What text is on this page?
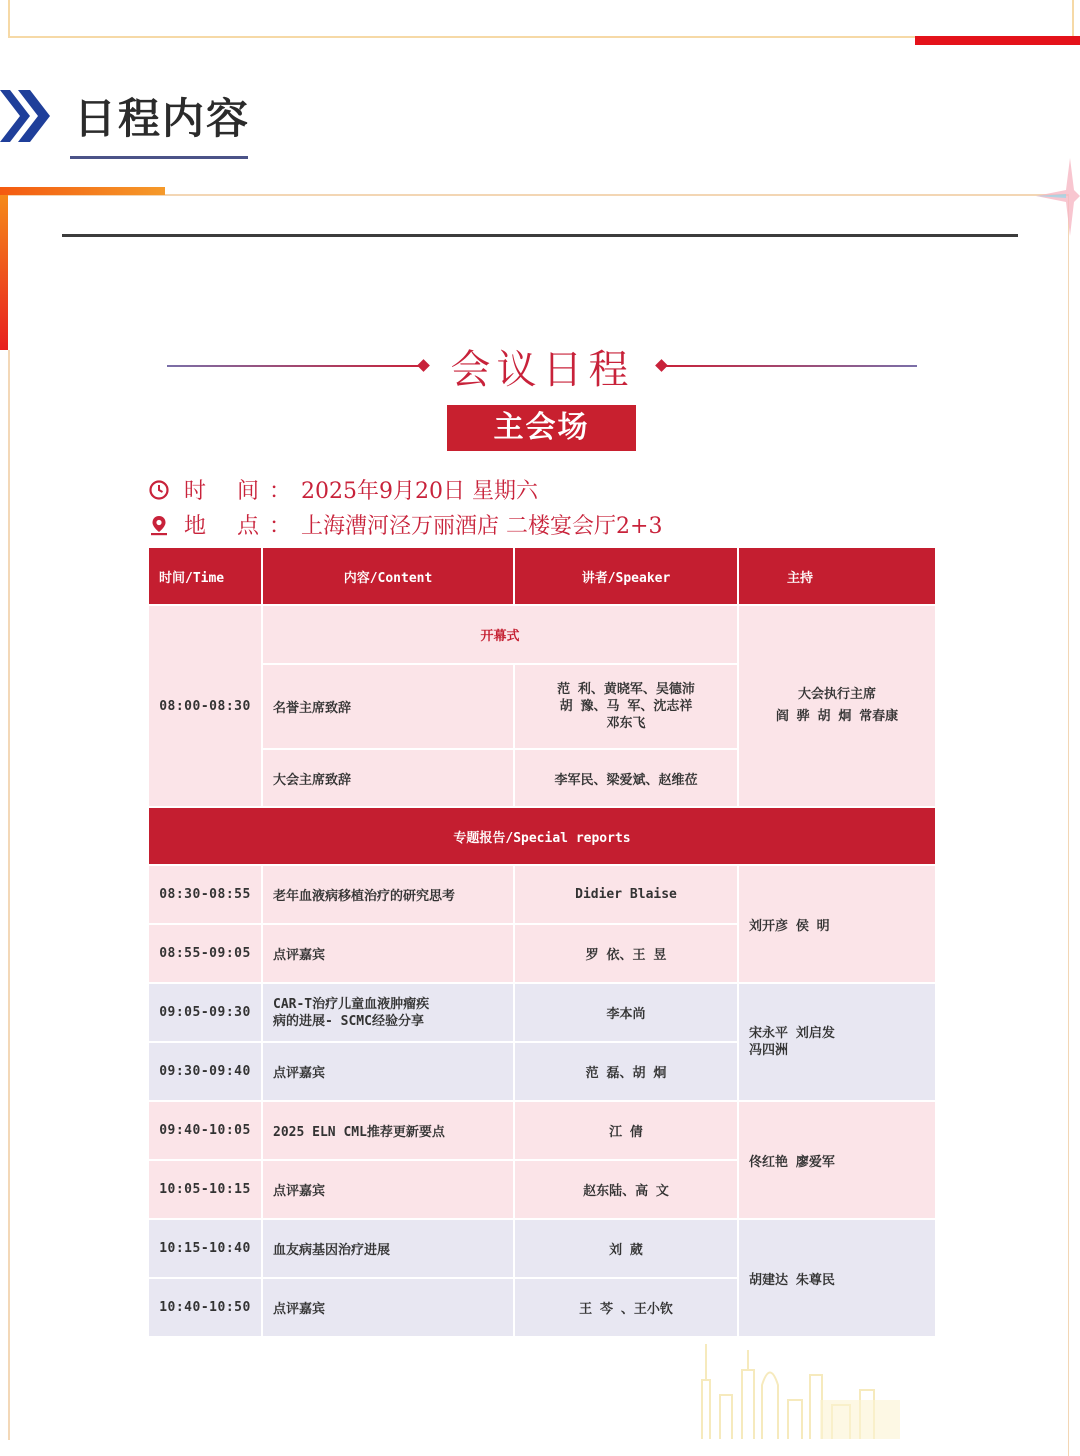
日程内容
会议日程
主会场
时 间： 2025年9月20日 星期六
地 点： 上海漕河泾万丽酒店 二楼宴会厅2+3
时间/Time	内容/Content	讲者/Speaker	主持
08:00-08:30	开幕式		大会执行主席
阎 骅 胡 炯 常春康
	名誉主席致辞	范 利、黄晓军、吴德沛
胡 豫、马 军、沈志祥
邓东飞	
	大会主席致辞	李军民、梁爱斌、赵维莅	
专题报告/Special reports			
08:30-08:55	老年血液病移植治疗的研究思考	Didier Blaise	刘开彦 侯 明
08:55-09:05	点评嘉宾	罗 依、王 昱	
09:05-09:30	CAR-T治疗儿童血液肿瘤疾
病的进展- SCMC经验分享	李本尚	宋永平 刘启发
冯四洲
09:30-09:40	点评嘉宾	范 磊、胡 炯	
09:40-10:05	2025 ELN CML推荐更新要点	江 倩	佟红艳 廖爱军
10:05-10:15	点评嘉宾	赵东陆、高 文	
10:15-10:40	血友病基因治疗进展	刘 葳	胡建达 朱尊民
10:40-10:50	点评嘉宾	王 芩 、王小钦	
